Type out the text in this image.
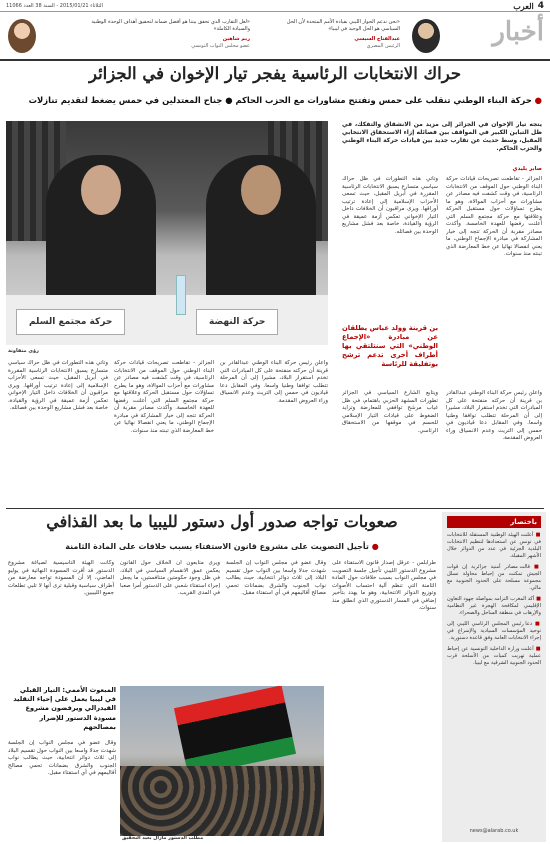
4
العرب
الثلاثاء 2015/01/21 - السنة 38 العدد 11066
أخبار
«نحن ندعم الحوار الليبي بقيادة الأمم المتحدة لأن الحل السياسي هو الحل الوحيد في ليبيا»
عبدالفتاح السيسي
الرئيس المصري
«لعل التقارب الذي تحقق بيننا هو أفضل ضمانة لتحقيق أهداف الوحدة الوطنية والسيادة الكاملة»
ريم شاهين
عضو مجلس النواب التونسي
حراك الانتخابات الرئاسية يفجر تيار الإخوان في الجزائر
● حركة البناء الوطني تنقلب على حمس وتفتتح مشاورات مع الحزب الحاكم ● جناح المعتدلين في حمس يضغط لتقديم تنازلات
يتجه تيار الإخوان في الجزائر إلى مزيد من الانشقاق والتفكك، في ظل التباين الكبير في المواقف بين فصائله إزاء الاستحقاق الانتخابي المقبل، وسط حديث عن تقارب جديد بين قيادات حركة البناء الوطني والحزب الحاكم.
صابر بليدي
الجزائر - تقاطعت تصريحات قيادات حركة البناء الوطني حول الموقف من الانتخابات الرئاسية، في وقت كشفت فيه مصادر عن مشاورات مع أحزاب الموالاة، وهو ما يطرح تساؤلات حول مستقبل الحركة وعلاقتها مع حركة مجتمع السلم التي أعلنت رفضها للعهدة الخامسة. وأكدت مصادر مقربة أن الحركة تتجه إلى خيار المشاركة في مبادرة الإجماع الوطني، ما يعني انفصالا نهائيا عن خط المعارضة الذي تبنته منذ سنوات.
وتأتي هذه التطورات في ظل حراك سياسي متسارع يسبق الانتخابات الرئاسية المقررة في أبريل المقبل، حيث تسعى الأحزاب الإسلامية إلى إعادة ترتيب أوراقها. ويرى مراقبون أن الخلافات داخل التيار الإخواني تعكس أزمة عميقة في الرؤية والقيادة، خاصة بعد فشل مشاريع الوحدة بين فصائله.
بن قرينة وولد عباس يطلقان عن مبادرة «الإجماع الوطني» التي سنتلتقي بها أطراف أخرى تدعم ترشح بوتفليقة للرئاسة
وأعلن رئيس حركة البناء الوطني عبدالقادر بن قرينة أن حركته منفتحة على كل المبادرات التي تخدم استقرار البلاد، مشيرا إلى أن المرحلة تتطلب توافقا وطنيا واسعا. وفي المقابل دعا قياديون في حمس إلى التريث وعدم الانسياق وراء العروض المقدمة.
ويتابع الشارع السياسي في الجزائر تطورات المشهد الحزبي باهتمام، في ظل غياب مرشح توافقي للمعارضة وتزايد الضغوط على قيادات التيار الإسلامي للحسم في موقفها من الاستحقاق الرئاسي.
حركة مجتمع السلم	حركة النهضة
رؤى متفاوتة
وتأتي هذه التطورات في ظل حراك سياسي متسارع يسبق الانتخابات الرئاسية المقررة في أبريل المقبل، حيث تسعى الأحزاب الإسلامية إلى إعادة ترتيب أوراقها. ويرى مراقبون أن الخلافات داخل التيار الإخواني تعكس أزمة عميقة في الرؤية والقيادة، خاصة بعد فشل مشاريع الوحدة بين فصائله.
الجزائر - تقاطعت تصريحات قيادات حركة البناء الوطني حول الموقف من الانتخابات الرئاسية، في وقت كشفت فيه مصادر عن مشاورات مع أحزاب الموالاة، وهو ما يطرح تساؤلات حول مستقبل الحركة وعلاقتها مع حركة مجتمع السلم التي أعلنت رفضها للعهدة الخامسة. وأكدت مصادر مقربة أن الحركة تتجه إلى خيار المشاركة في مبادرة الإجماع الوطني، ما يعني انفصالا نهائيا عن خط المعارضة الذي تبنته منذ سنوات.
وأعلن رئيس حركة البناء الوطني عبدالقادر بن قرينة أن حركته منفتحة على كل المبادرات التي تخدم استقرار البلاد، مشيرا إلى أن المرحلة تتطلب توافقا وطنيا واسعا. وفي المقابل دعا قياديون في حمس إلى التريث وعدم الانسياق وراء العروض المقدمة.
صعوبات تواجه صدور أول دستور لليبيا ما بعد القذافي
● تأجيل التصويت على مشروع قانون الاستفتاء بسبب خلافات على المادة الثامنة
طرابلس - عرقل إصدار قانون الاستفتاء على مشروع الدستور الليبي تأجيل جلسة التصويت في مجلس النواب بسبب خلافات حول المادة الثامنة التي تنظم آلية احتساب الأصوات وتوزيع الدوائر الانتخابية، وهو ما يهدد بتأخير إضافي في المسار الدستوري الذي انطلق منذ سنوات.
وقال عضو في مجلس النواب إن الجلسة شهدت جدلا واسعا بين النواب حول تقسيم البلاد إلى ثلاث دوائر انتخابية، حيث يطالب نواب الجنوب والشرق بضمانات تحمي مصالح أقاليمهم في أي استفتاء مقبل.
ويرى متابعون أن الخلاف حول القانون يعكس عمق الانقسام السياسي في البلاد، في ظل وجود حكومتين متنافستين، ما يجعل إجراء استفتاء شعبي على الدستور أمرا صعبا في المدى القريب.
وكانت الهيئة التأسيسية لصياغة مشروع الدستور قد أقرت المسودة النهائية في يوليو الماضي، إلا أن المسودة تواجه معارضة من أطراف سياسية وقبلية ترى أنها لا تلبي تطلعات جميع الليبيين.
المبعوث الأممي: التيار القبلي في ليبيا يعمل على إحياء التقليد الفيدرالي ويرفضون مشروع مسودة الدستور للإضرار بمصالحهم
وقال عضو في مجلس النواب إن الجلسة شهدت جدلا واسعا بين النواب حول تقسيم البلاد إلى ثلاث دوائر انتخابية، حيث يطالب نواب الجنوب والشرق بضمانات تحمي مصالح أقاليمهم في أي استفتاء مقبل.
مطلب الدستور مازال بعيد التحقيق
باختصار
■ أعلنت الهيئة الوطنية المستقلة للانتخابات في تونس عن استعدادها لتنظيم الانتخابات البلدية الجزئية في عدد من الدوائر خلال الأشهر المقبلة.
■ قالت مصادر أمنية جزائرية إن قوات الجيش تمكنت من إحباط محاولة تسلل مجموعة مسلحة على الحدود الجنوبية مع مالي.
■ أكد المغرب التزامه بمواصلة جهود التعاون الإقليمي لمكافحة الهجرة غير النظامية والإرهاب في منطقة الساحل والصحراء.
■ دعا رئيس المجلس الرئاسي الليبي إلى توحيد المؤسسات السيادية والإسراع في إجراء الانتخابات العامة وفق قاعدة دستورية.
■ أعلنت وزارة الداخلية التونسية عن إحباط عملية تهريب كميات من الأسلحة قرب الحدود الجنوبية الشرقية مع ليبيا.
news@alarab.co.uk
